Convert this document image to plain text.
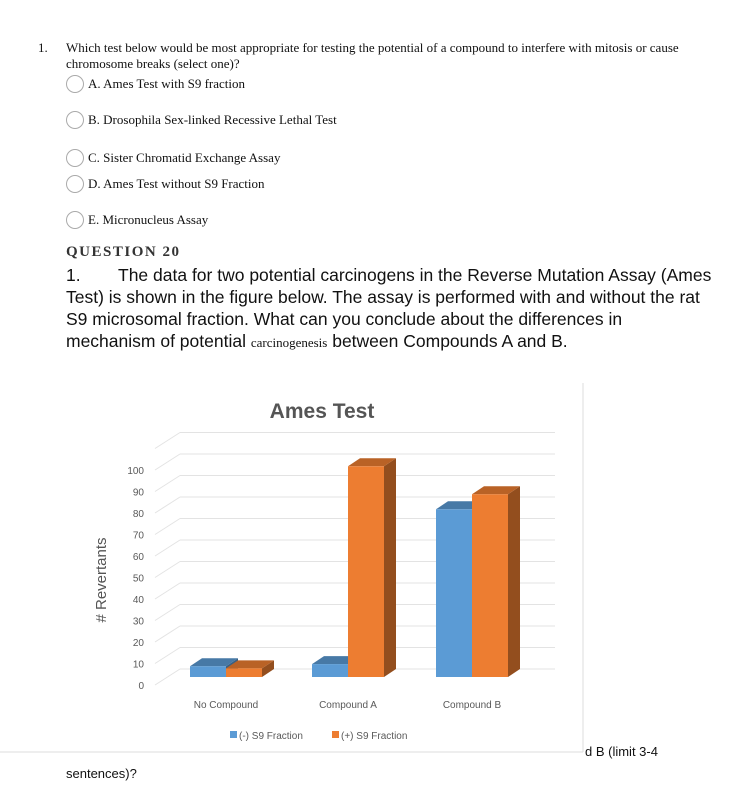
1. Which test below would be most appropriate for testing the potential of a compound to interfere with mitosis or cause chromosome breaks (select one)?
A. Ames Test with S9 fraction
B. Drosophila Sex-linked Recessive Lethal Test
C. Sister Chromatid Exchange Assay
D. Ames Test without S9 Fraction
E. Micronucleus Assay
QUESTION 20
1. The data for two potential carcinogens in the Reverse Mutation Assay (Ames Test) is shown in the figure below. The assay is performed with and without the rat S9 microsomal fraction. What can you conclude about the differences in mechanism of potential carcinogenesis between Compounds A and B.
Ames Test
# Revertants
0
10
20
30
40
50
60
70
80
90
100
No Compound	Compound A	Compound B
(-) S9 Fraction	(+) S9 Fraction
d B (limit 3-4
sentences)?
